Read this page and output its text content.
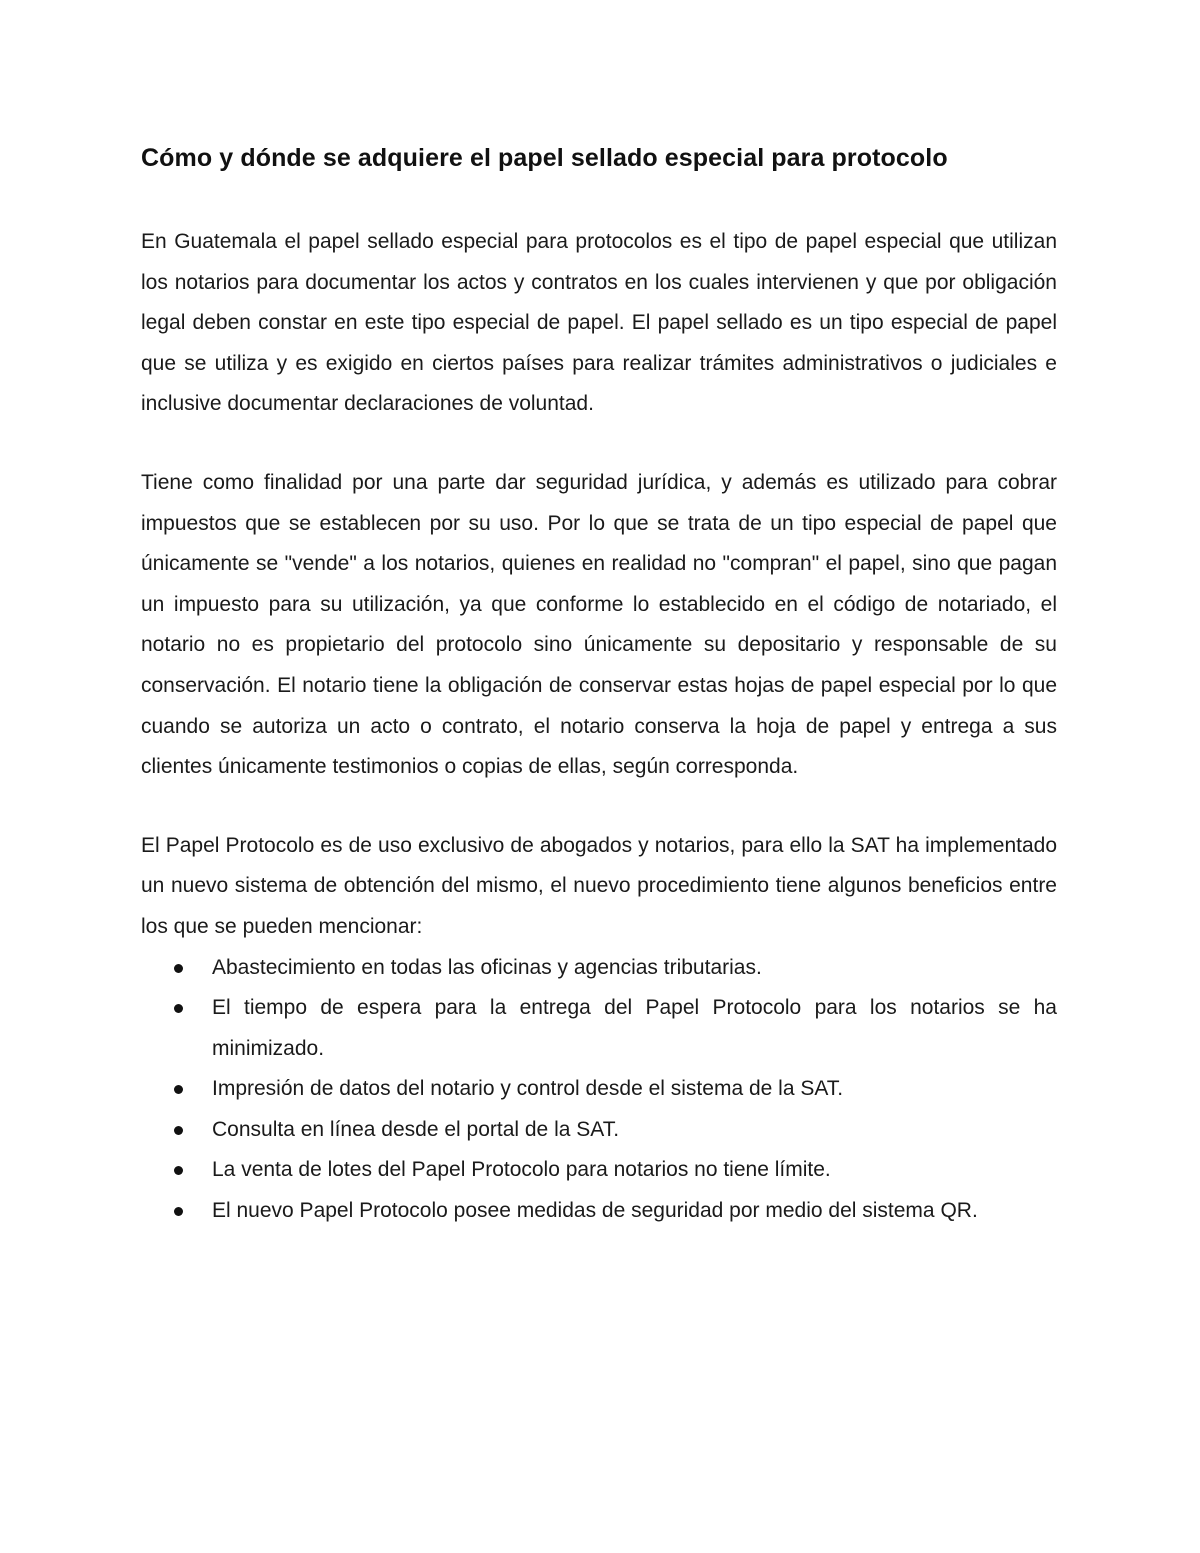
Cómo y dónde se adquiere el papel sellado especial para protocolo

En Guatemala el papel sellado especial para protocolos es el tipo de papel especial que utilizan los notarios para documentar los actos y contratos en los cuales intervienen y que por obligación legal deben constar en este tipo especial de papel. El papel sellado es un tipo especial de papel que se utiliza y es exigido en ciertos países para realizar trámites administrativos o judiciales e inclusive documentar declaraciones de voluntad.

Tiene como finalidad por una parte dar seguridad jurídica, y además es utilizado para cobrar impuestos que se establecen por su uso. Por lo que se trata de un tipo especial de papel que únicamente se "vende" a los notarios, quienes en realidad no "compran" el papel, sino que pagan un impuesto para su utilización, ya que conforme lo establecido en el código de notariado, el notario no es propietario del protocolo sino únicamente su depositario y responsable de su conservación. El notario tiene la obligación de conservar estas hojas de papel especial por lo que cuando se autoriza un acto o contrato, el notario conserva la hoja de papel y entrega a sus clientes únicamente testimonios o copias de ellas, según corresponda.

El Papel Protocolo es de uso exclusivo de abogados y notarios, para ello la SAT ha implementado un nuevo sistema de obtención del mismo, el nuevo procedimiento tiene algunos beneficios entre los que se pueden mencionar:

Abastecimiento en todas las oficinas y agencias tributarias.
El tiempo de espera para la entrega del Papel Protocolo para los notarios se ha minimizado.
Impresión de datos del notario y control desde el sistema de la SAT.
Consulta en línea desde el portal de la SAT.
La venta de lotes del Papel Protocolo para notarios no tiene límite.
El nuevo Papel Protocolo posee medidas de seguridad por medio del sistema QR.
